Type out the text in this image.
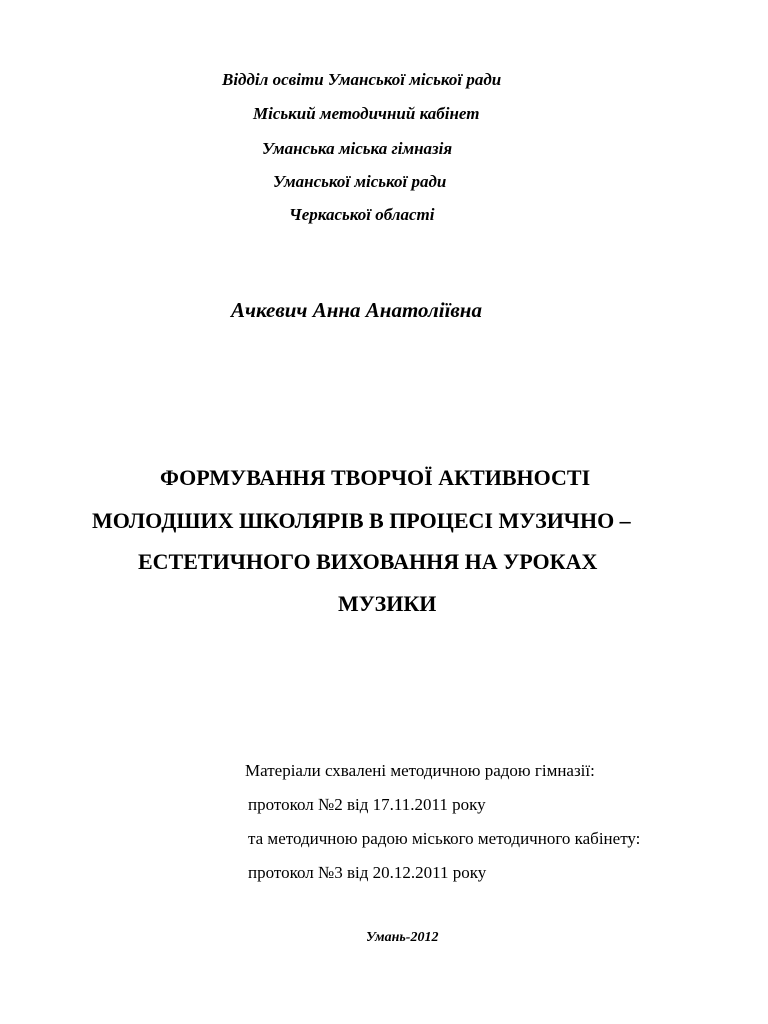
Відділ освіти Уманської міської ради
Міський методичний кабінет
Уманська міська гімназія
Уманської міської ради
Черкаської області
Ачкевич Анна Анатоліївна
ФОРМУВАННЯ ТВОРЧОЇ АКТИВНОСТІ
МОЛОДШИХ ШКОЛЯРІВ В ПРОЦЕСІ МУЗИЧНО –
ЕСТЕТИЧНОГО ВИХОВАННЯ НА УРОКАХ
МУЗИКИ
Матеріали схвалені методичною радою гімназії:
протокол №2 від 17.11.2011 року
та методичною радою міського методичного кабінету:
протокол №3 від 20.12.2011 року
Умань-2012
